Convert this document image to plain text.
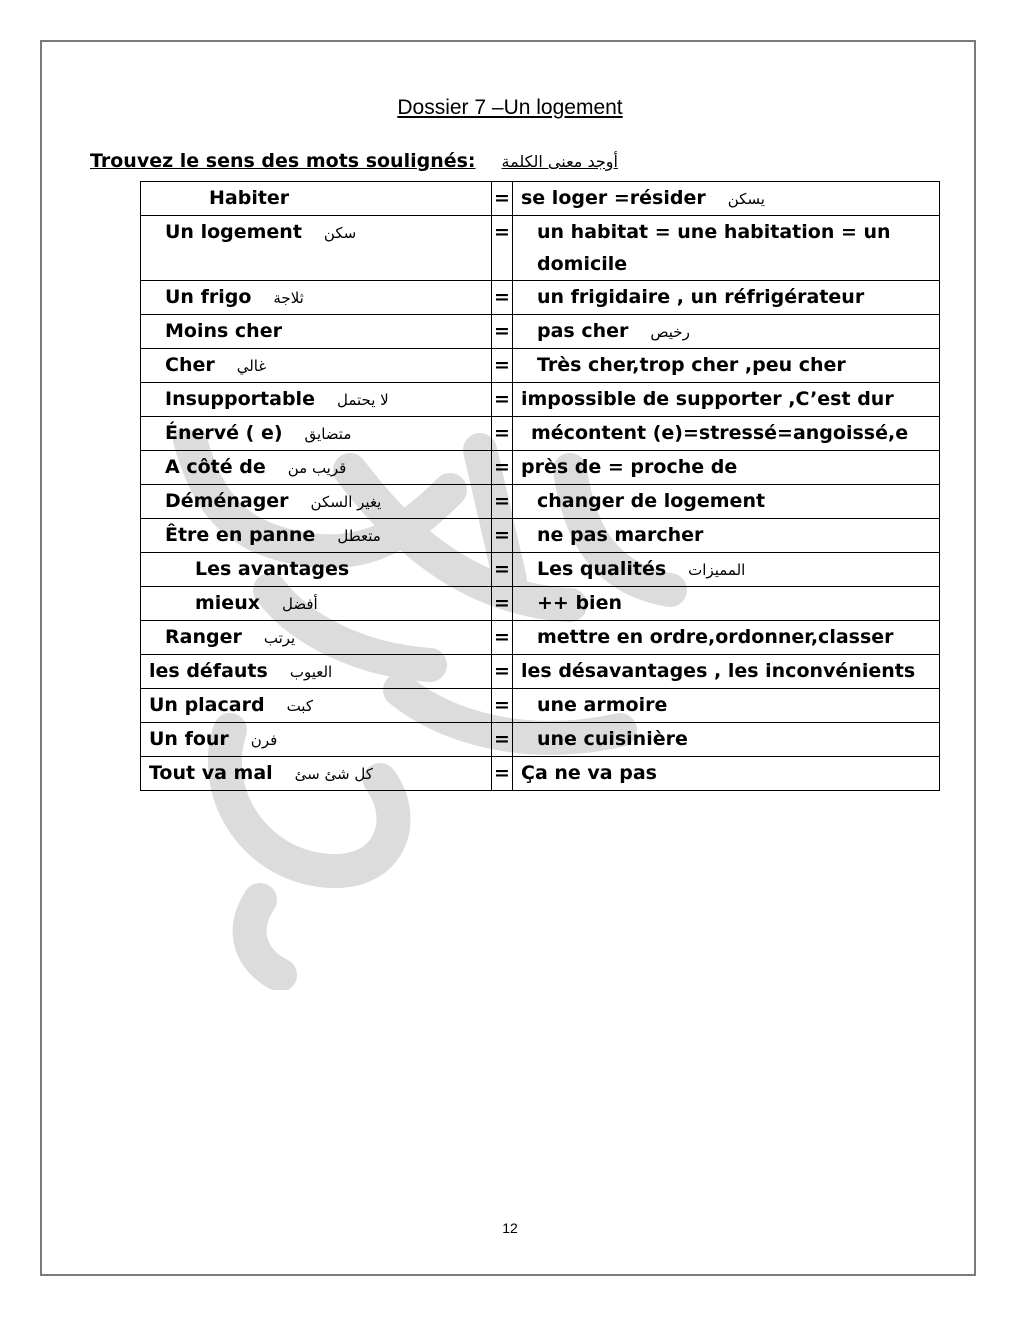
Dossier 7 –Un logement
Trouvez le sens des mots soulignés: أوجد معنى الكلمة
Habiter	=	se loger =résider يسكن
Un logement سكن	=	un habitat = une habitation = un domicile
Un frigo ثلاجة	=	un frigidaire , un réfrigérateur
Moins cher	=	pas cher رخيص
Cher غالي	=	Très cher,trop cher ,peu cher
Insupportable لا يحتمل	=	impossible de supporter ,C’est dur
Énervé ( e) متضايق	=	mécontent (e)=stressé=angoissé,e
A côté de قريب من	=	près de = proche de
Déménager يغير السكن	=	changer de logement
Être en panne متعطل	=	ne pas marcher
Les avantages	=	Les qualités المميزات
mieux أفضل	=	++ bien
Ranger يرتب	=	mettre en ordre,ordonner,classer
les défauts العيوب	=	les désavantages , les inconvénients
Un placard كبت	=	une armoire
Un four فرن	=	une cuisinière
Tout va mal كل شئ سئ	=	Ça ne va pas
12
